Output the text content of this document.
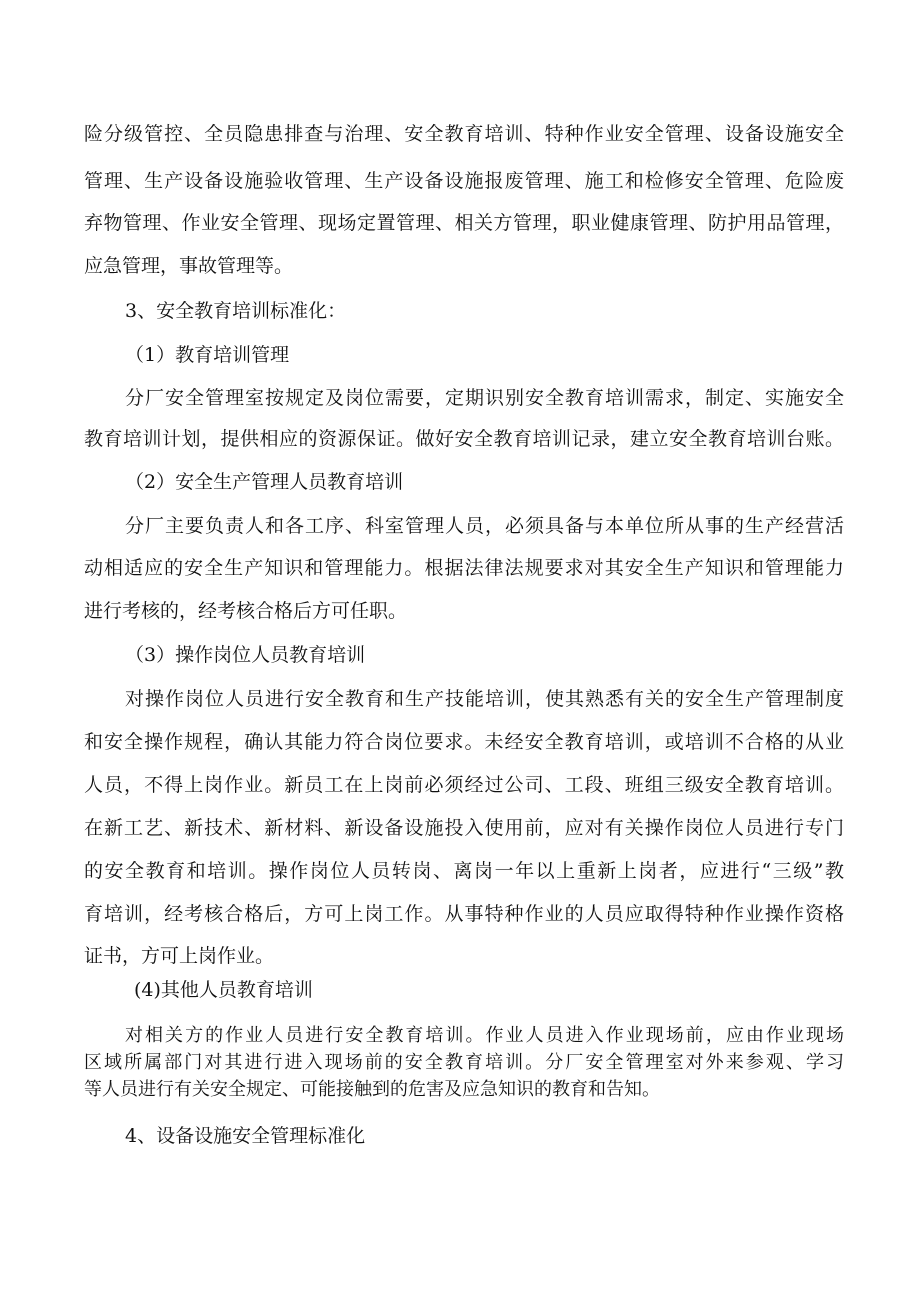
险分级管控、全员隐患排查与治理、安全教育培训、特种作业安全管理、设备设施安全
管理、生产设备设施验收管理、生产设备设施报废管理、施工和检修安全管理、危险废
弃物管理、作业安全管理、现场定置管理、相关方管理，职业健康管理、防护用品管理，
应急管理，事故管理等。
3、安全教育培训标准化：
（1）教育培训管理
分厂安全管理室按规定及岗位需要，定期识别安全教育培训需求，制定、实施安全
教育培训计划，提供相应的资源保证。做好安全教育培训记录，建立安全教育培训台账。
（2）安全生产管理人员教育培训
分厂主要负责人和各工序、科室管理人员，必须具备与本单位所从事的生产经营活
动相适应的安全生产知识和管理能力。根据法律法规要求对其安全生产知识和管理能力
进行考核的，经考核合格后方可任职。
（3）操作岗位人员教育培训
对操作岗位人员进行安全教育和生产技能培训，使其熟悉有关的安全生产管理制度
和安全操作规程，确认其能力符合岗位要求。未经安全教育培训，或培训不合格的从业
人员，不得上岗作业。新员工在上岗前必须经过公司、工段、班组三级安全教育培训。
在新工艺、新技术、新材料、新设备设施投入使用前，应对有关操作岗位人员进行专门
的安全教育和培训。操作岗位人员转岗、离岗一年以上重新上岗者，应进行“三级”教
育培训，经考核合格后，方可上岗工作。从事特种作业的人员应取得特种作业操作资格
证书，方可上岗作业。
(4)其他人员教育培训
对相关方的作业人员进行安全教育培训。作业人员进入作业现场前，应由作业现场
区域所属部门对其进行进入现场前的安全教育培训。分厂安全管理室对外来参观、学习
等人员进行有关安全规定、可能接触到的危害及应急知识的教育和告知。
4、设备设施安全管理标准化
